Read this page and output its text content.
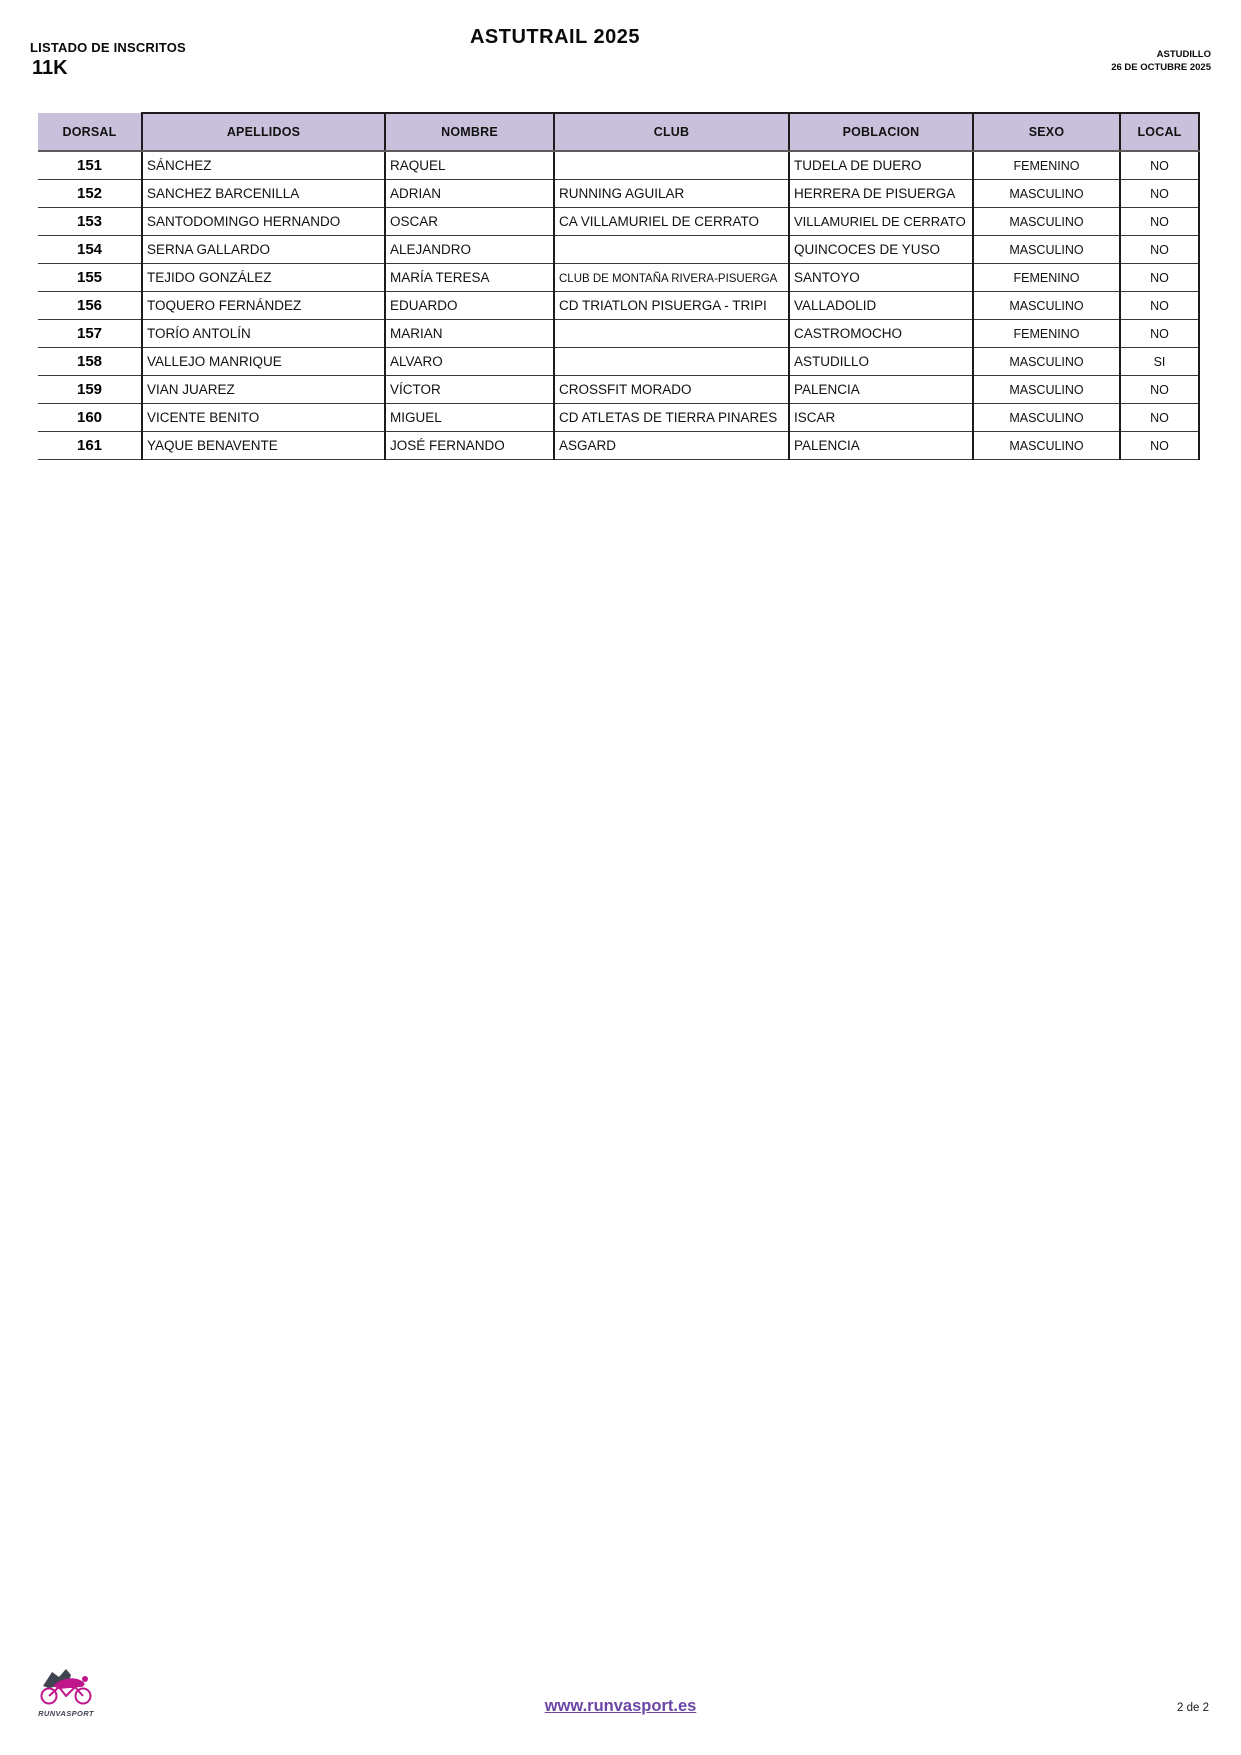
LISTADO DE INSCRITOS
11K
ASTUTRAIL 2025
ASTUDILLO
26 DE OCTUBRE 2025
DORSAL	APELLIDOS	NOMBRE	CLUB	POBLACION	SEXO	LOCAL
151	SÁNCHEZ	RAQUEL		TUDELA DE DUERO	FEMENINO	NO
152	SANCHEZ BARCENILLA	ADRIAN	RUNNING AGUILAR	HERRERA DE PISUERGA	MASCULINO	NO
153	SANTODOMINGO HERNANDO	OSCAR	CA VILLAMURIEL DE CERRATO	VILLAMURIEL DE CERRATO	MASCULINO	NO
154	SERNA GALLARDO	ALEJANDRO		QUINCOCES DE YUSO	MASCULINO	NO
155	TEJIDO GONZÁLEZ	MARÍA TERESA	CLUB DE MONTAÑA RIVERA-PISUERGA	SANTOYO	FEMENINO	NO
156	TOQUERO FERNÁNDEZ	EDUARDO	CD TRIATLON PISUERGA - TRIPI	VALLADOLID	MASCULINO	NO
157	TORÍO ANTOLÍN	MARIAN		CASTROMOCHO	FEMENINO	NO
158	VALLEJO MANRIQUE	ALVARO		ASTUDILLO	MASCULINO	SI
159	VIAN JUAREZ	VÍCTOR	CROSSFIT MORADO	PALENCIA	MASCULINO	NO
160	VICENTE BENITO	MIGUEL	CD ATLETAS DE TIERRA PINARES	ISCAR	MASCULINO	NO
161	YAQUE BENAVENTE	JOSÉ FERNANDO	ASGARD	PALENCIA	MASCULINO	NO
RUNVASPORT	www.runvasport.es	2 de 2
